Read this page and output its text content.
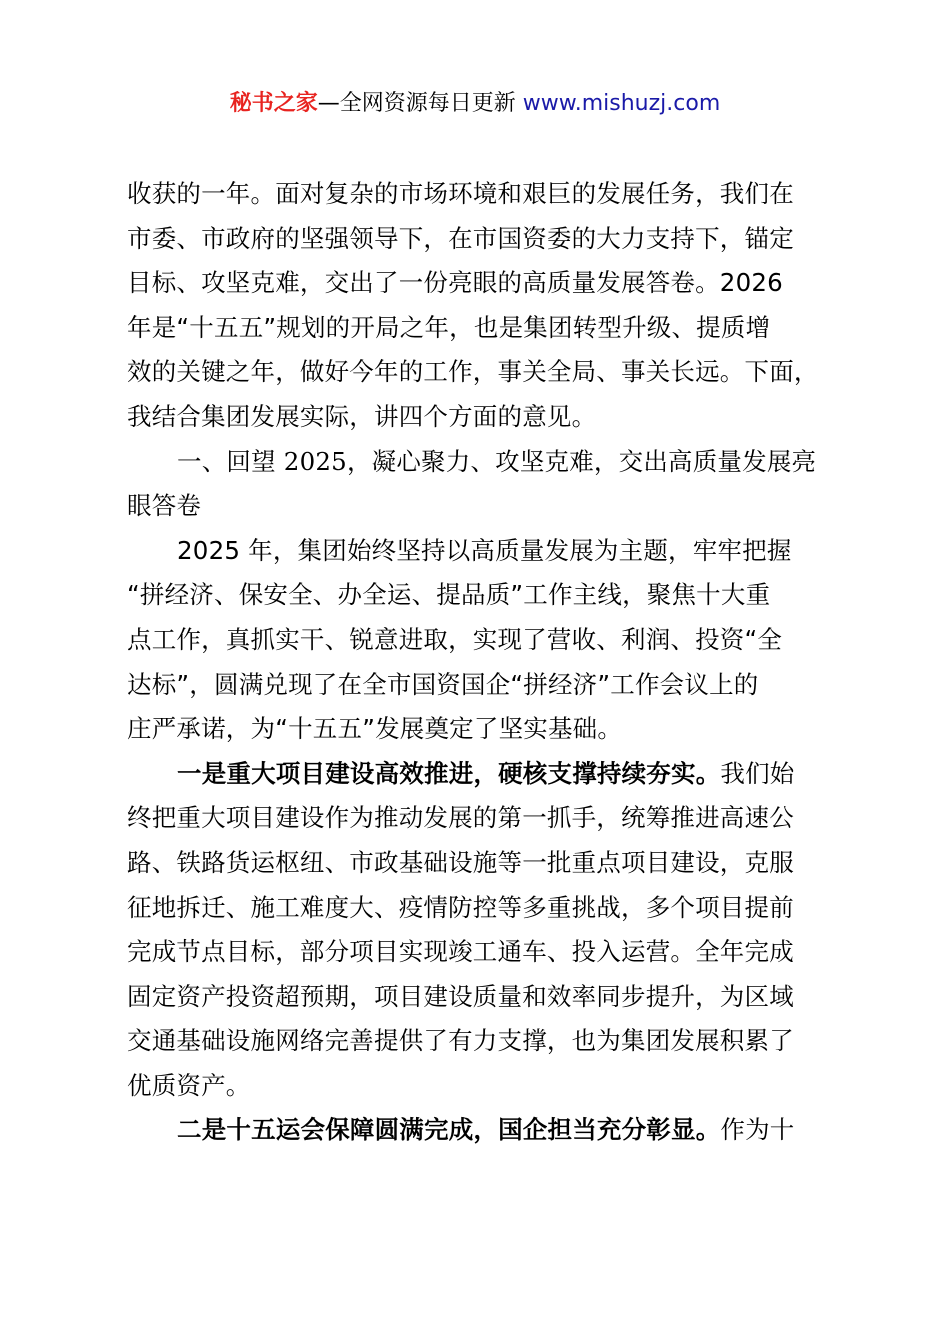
秘书之家—全网资源每日更新 www.mishuzj.com
收获的一年。面对复杂的市场环境和艰巨的发展任务，我们在
市委、市政府的坚强领导下，在市国资委的大力支持下，锚定
目标、攻坚克难，交出了一份亮眼的高质量发展答卷。2026
年是“十五五”规划的开局之年，也是集团转型升级、提质增
效的关键之年，做好今年的工作，事关全局、事关长远。下面，
我结合集团发展实际，讲四个方面的意见。
一、回望 2025，凝心聚力、攻坚克难，交出高质量发展亮
眼答卷
2025 年，集团始终坚持以高质量发展为主题，牢牢把握
“拼经济、保安全、办全运、提品质”工作主线，聚焦十大重
点工作，真抓实干、锐意进取，实现了营收、利润、投资“全
达标”，圆满兑现了在全市国资国企“拼经济”工作会议上的
庄严承诺，为“十五五”发展奠定了坚实基础。
一是重大项目建设高效推进，硬核支撑持续夯实。我们始
终把重大项目建设作为推动发展的第一抓手，统筹推进高速公
路、铁路货运枢纽、市政基础设施等一批重点项目建设，克服
征地拆迁、施工难度大、疫情防控等多重挑战，多个项目提前
完成节点目标，部分项目实现竣工通车、投入运营。全年完成
固定资产投资超预期，项目建设质量和效率同步提升，为区域
交通基础设施网络完善提供了有力支撑，也为集团发展积累了
优质资产。
二是十五运会保障圆满完成，国企担当充分彰显。作为十
